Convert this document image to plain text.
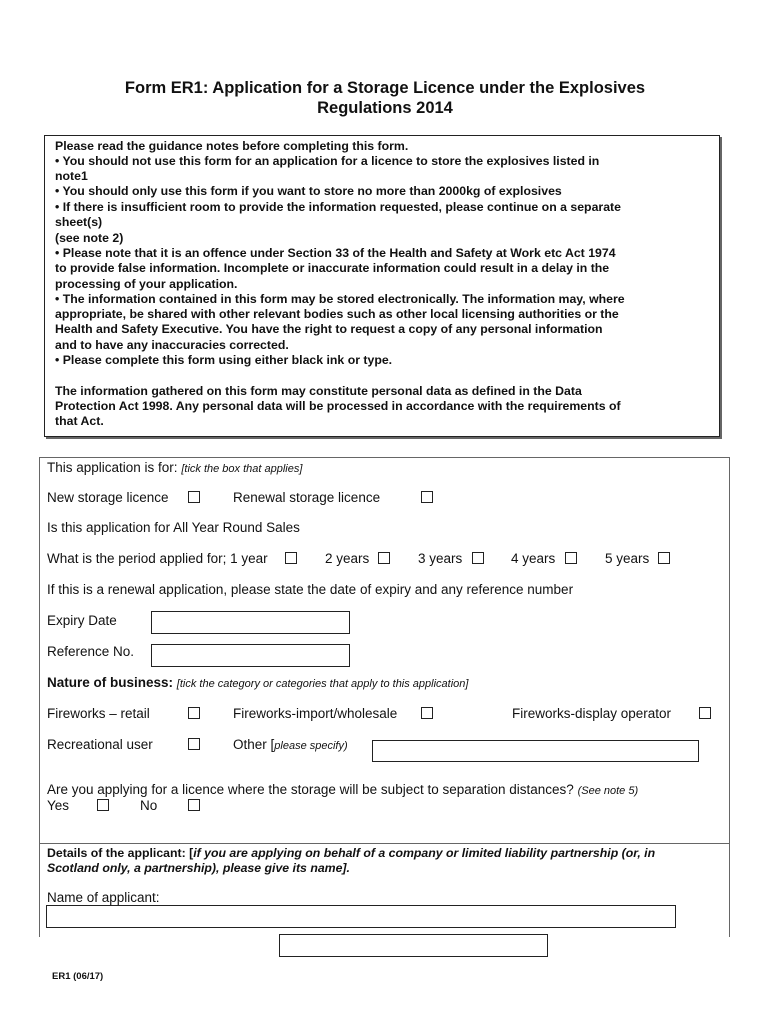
Form ER1: Application for a Storage Licence under the Explosives
Regulations 2014
Please read the guidance notes before completing this form.
• You should not use this form for an application for a licence to store the explosives listed in
note1
• You should only use this form if you want to store no more than 2000kg of explosives
• If there is insufficient room to provide the information requested, please continue on a separate
sheet(s)
(see note 2)
• Please note that it is an offence under Section 33 of the Health and Safety at Work etc Act 1974
to provide false information. Incomplete or inaccurate information could result in a delay in the
processing of your application.
• The information contained in this form may be stored electronically. The information may, where
appropriate, be shared with other relevant bodies such as other local licensing authorities or the
Health and Safety Executive. You have the right to request a copy of any personal information
and to have any inaccuracies corrected.
• Please complete this form using either black ink or type.
The information gathered on this form may constitute personal data as defined in the Data
Protection Act 1998. Any personal data will be processed in accordance with the requirements of
that Act.
This application is for: [tick the box that applies]
New storage licence	Renewal storage licence
Is this application for All Year Round Sales
What is the period applied for; 1 year	2 years	3 years	4 years	5 years
If this is a renewal application, please state the date of expiry and any reference number
Expiry Date
Reference No.
Nature of business: [tick the category or categories that apply to this application]
Fireworks – retail	Fireworks-import/wholesale	Fireworks-display operator
Recreational user	Other [please specify)
Are you applying for a licence where the storage will be subject to separation distances? (See note 5)
Yes	No
Details of the applicant: [if you are applying on behalf of a company or limited liability partnership (or, in
Scotland only, a partnership), please give its name].
Name of applicant:
ER1 (06/17)
